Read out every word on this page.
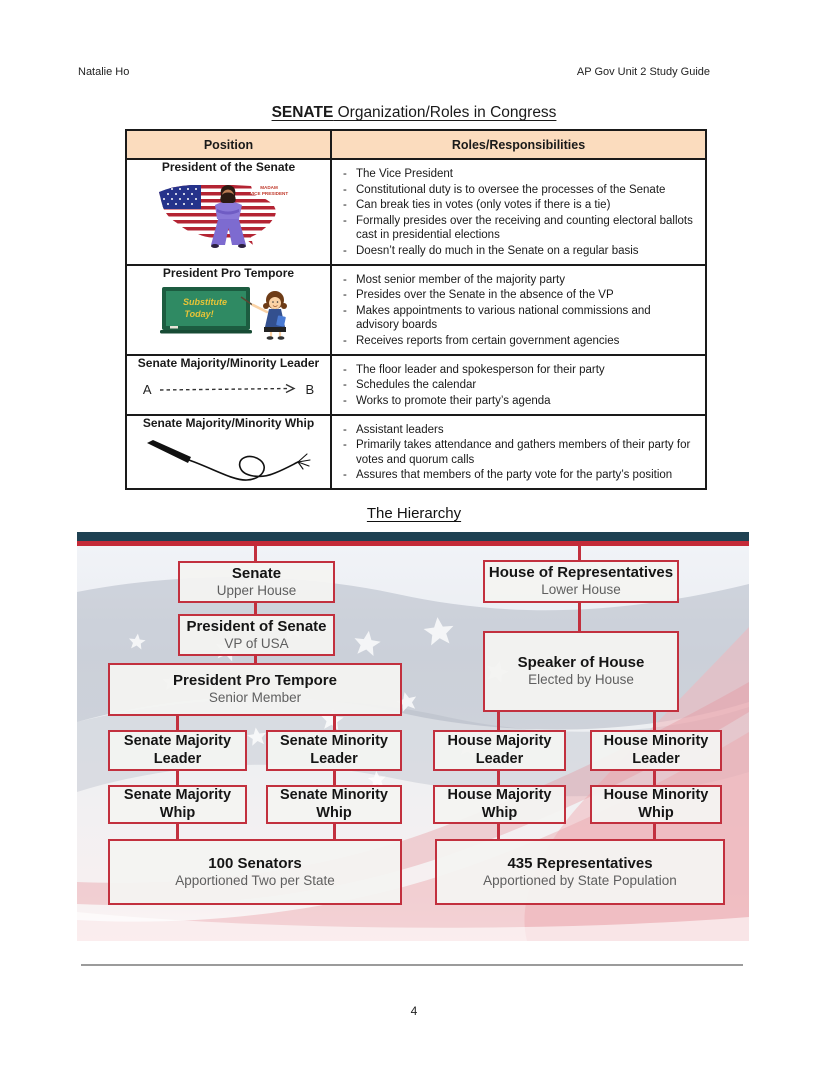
Natalie Ho	AP Gov Unit 2 Study Guide
SENATE Organization/Roles in Congress
Position	Roles/Responsibilities

President of the Senate
MADAM
VICE PRESIDENT

- The Vice President
- Constitutional duty is to oversee the processes of the Senate
- Can break ties in votes (only votes if there is a tie)
- Formally presides over the receiving and counting electoral ballots cast in presidential elections
- Doesn’t really do much in the Senate on a regular basis

President Pro Tempore
Substitute
Today!

- Most senior member of the majority party
- Presides over the Senate in the absence of the VP
- Makes appointments to various national commissions and advisory boards
- Receives reports from certain government agencies

Senate Majority/Minority Leader
A	B

- The floor leader and spokesperson for their party
- Schedules the calendar
- Works to promote their party’s agenda

Senate Majority/Minority Whip

-Assistant leaders
- Primarily takes attendance and gathers members of their party for votes and quorum calls
- Assures that members of the party vote for the party’s position
The Hierarchy
Senate
Upper House
House of Representatives
Lower House
President of Senate
VP of USA
Speaker of House
Elected by House
President Pro Tempore
Senior Member
Senate Majority Leader
Senate Minority Leader
House Majority Leader
House Minority Leader
Senate Majority Whip
Senate Minority Whip
House Majority Whip
House Minority Whip
100 Senators
Apportioned Two per State
435 Representatives
Apportioned by State Population
4
